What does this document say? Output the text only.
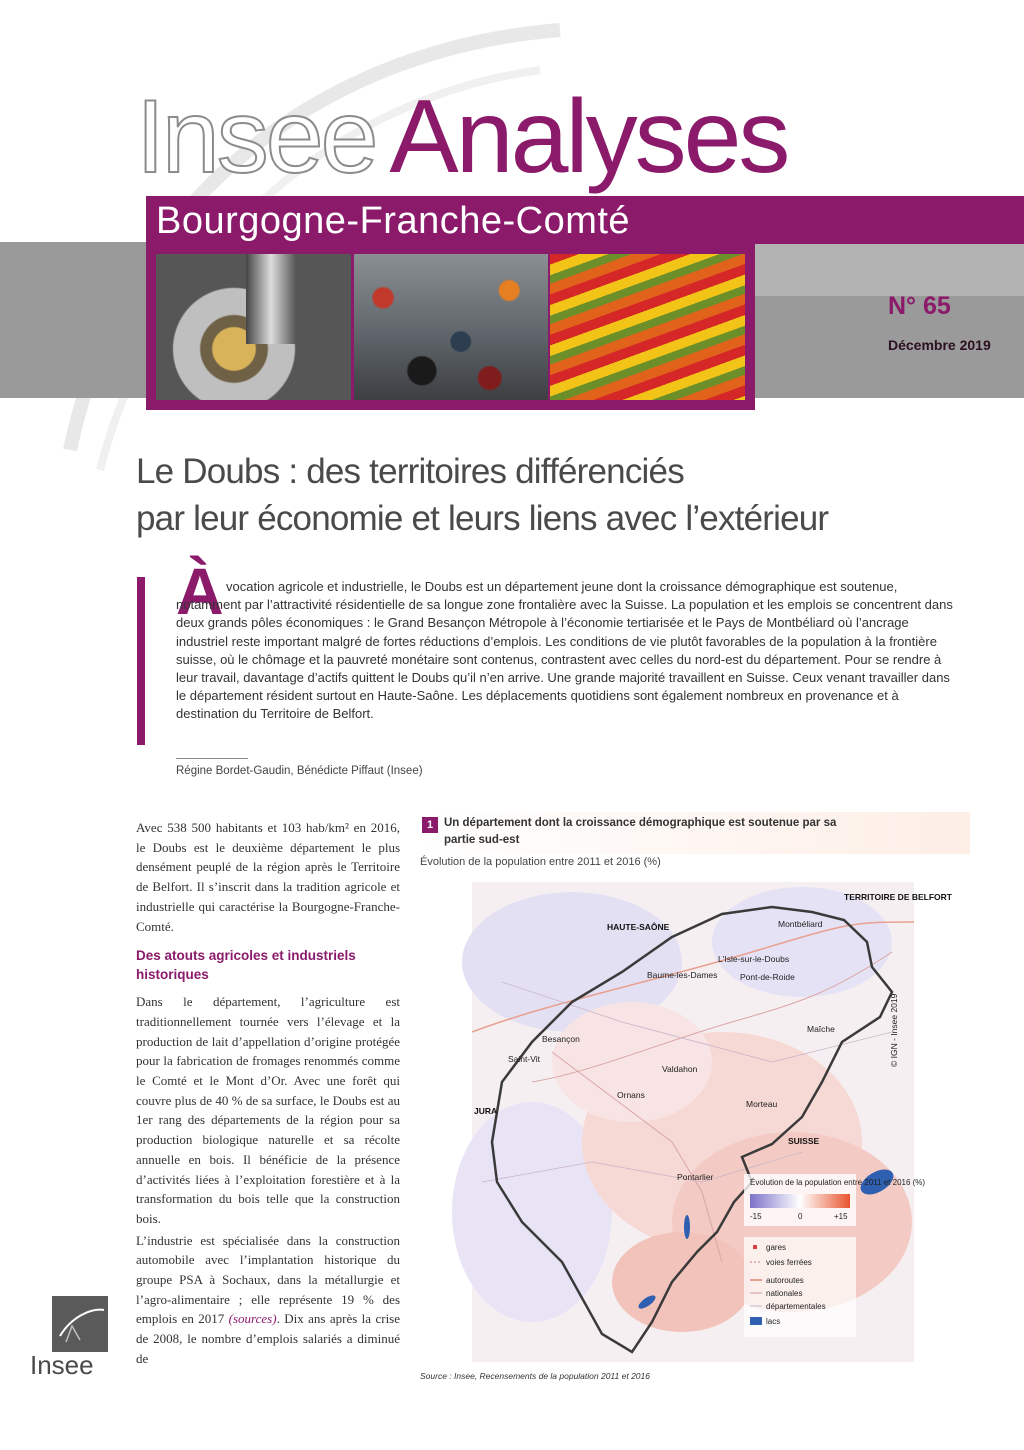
Insee Analyses
Bourgogne-Franche-Comté
N° 65
Décembre 2019
Le Doubs : des territoires différenciés
par leur économie et leurs liens avec l’extérieur
À vocation agricole et industrielle, le Doubs est un département jeune dont la croissance démographique est soutenue, notamment par l’attractivité résidentielle de sa longue zone frontalière avec la Suisse. La population et les emplois se concentrent dans deux grands pôles économiques : le Grand Besançon Métropole à l’économie tertiarisée et le Pays de Montbéliard où l’ancrage industriel reste important malgré de fortes réductions d’emplois. Les conditions de vie plutôt favorables de la population à la frontière suisse, où le chômage et la pauvreté monétaire sont contenus, contrastent avec celles du nord-est du département. Pour se rendre à leur travail, davantage d’actifs quittent le Doubs qu’il n’en arrive. Une grande majorité travaillent en Suisse. Ceux venant travailler dans le département résident surtout en Haute-Saône. Les déplacements quotidiens sont également nombreux en provenance et à destination du Territoire de Belfort.

Régine Bordet-Gaudin, Bénédicte Piffaut (Insee)

Avec 538 500 habitants et 103 hab/km² en 2016, le Doubs est le deuxième département le plus densément peuplé de la région après le Territoire de Belfort. Il s’inscrit dans la tradition agricole et industrielle qui caractérise la Bourgogne-Franche-Comté.

Des atouts agricoles et industriels historiques

Dans le département, l’agriculture est traditionnellement tournée vers l’élevage et la production de lait d’appellation d’origine protégée pour la fabrication de fromages renommés comme le Comté et le Mont d’Or. Avec une forêt qui couvre plus de 40 % de sa surface, le Doubs est au 1er rang des départements de la région pour sa production biologique naturelle et sa récolte annuelle en bois. Il bénéficie de la présence d’activités liées à l’exploitation forestière et à la transformation du bois telle que la construction bois.

L’industrie est spécialisée dans la construction automobile avec l’implantation historique du groupe PSA à Sochaux, dans la métallurgie et l’agro-alimentaire ; elle représente 19 % des emplois en 2017 (sources). Dix ans après la crise de 2008, le nombre d’emplois salariés a diminué de

Insee
1 Un département dont la croissance démographique est soutenue par sa partie sud-est
Évolution de la population entre 2011 et 2016 (%)
HAUTE-SAÔNE
TERRITOIRE DE BELFORT
JURA
SUISSE
Montbéliard
Besançon
Valdahon
Pontarlier
Morteau
Ornans
Baume-les-Dames	Pont-de-Roide
Maîche
Saint-Vit
L'Isle-sur-le-Doubs
© IGN - Insee 2019
Évolution de la population entre 2011 et 2016 (%)
-15	0	+15
gares
voies ferrées
autoroutes
nationales
départementales
lacs
Source : Insee, Recensements de la population 2011 et 2016
